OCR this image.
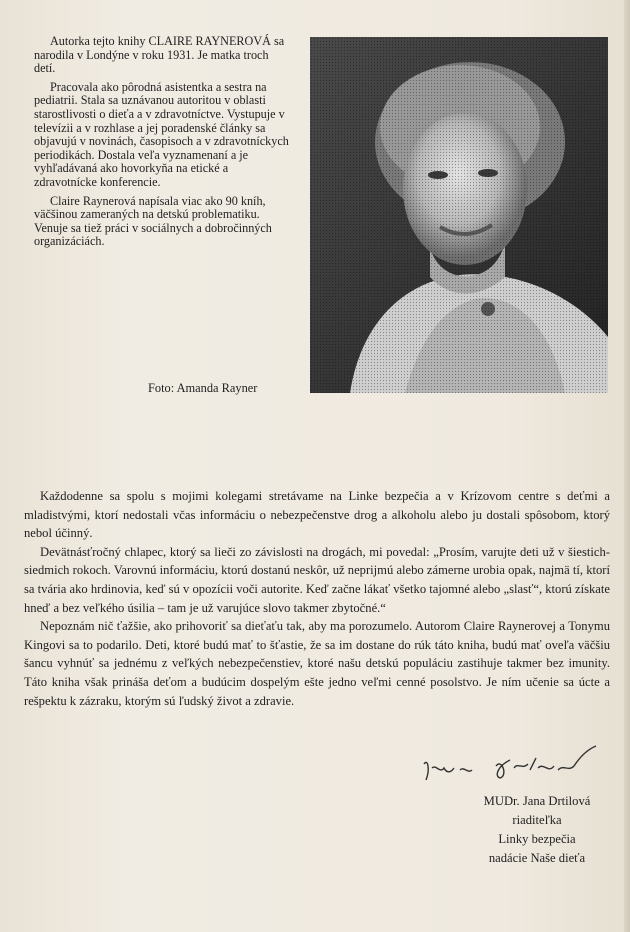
Autorka tejto knihy CLAIRE RAYNEROVÁ sa narodila v Londýne v roku 1931. Je matka troch detí.

Pracovala ako pôrodná asistentka a sestra na pediatrii. Stala sa uznávanou autoritou v oblasti starostlivosti o dieťa a v zdravotníctve. Vystupuje v televízii a v rozhlase a jej poradenské články sa objavujú v novinách, časopisoch a v zdravotníckych periodikách. Dostala veľa vyznamenaní a je vyhľadávaná ako hovorkyňa na etické a zdravotnícke konferencie.

Claire Raynerová napísala viac ako 90 kníh, väčšinou zameraných na detskú problematiku. Venuje sa tiež práci v sociálnych a dobročinných organizáciách.

Foto: Amanda Rayner

Každodenne sa spolu s mojimi kolegami stretávame na Linke bezpečia a v Krízovom centre s deťmi a mladistvými, ktorí nedostali včas informáciu o nebezpečenstve drog a alkoholu alebo ju dostali spôsobom, ktorý nebol účinný.

Devätnásťročný chlapec, ktorý sa lieči zo závislosti na drogách, mi povedal: „Prosím, varujte deti už v šiestich-siedmich rokoch. Varovnú informáciu, ktorú dostanú neskôr, už neprijmú alebo zámerne urobia opak, najmä tí, ktorí sa tvária ako hrdinovia, keď sú v opozícii voči autorite. Keď začne lákať všetko tajomné alebo „slasť“, ktorú získate hneď a bez veľkého úsilia – tam je už varujúce slovo takmer zbytočné.“

Nepoznám nič ťažšie, ako prihovoriť sa dieťaťu tak, aby ma porozumelo. Autorom Claire Raynerovej a Tonymu Kingovi sa to podarilo. Deti, ktoré budú mať to šťastie, že sa im dostane do rúk táto kniha, budú mať oveľa väčšiu šancu vyhnúť sa jednému z veľkých nebezpečenstiev, ktoré našu detskú populáciu zastihuje takmer bez imunity. Táto kniha však prináša deťom a budúcim dospelým ešte jedno veľmi cenné posolstvo. Je ním učenie sa úcte a rešpektu k zázraku, ktorým sú ľudský život a zdravie.

MUDr. Jana Drtilová
riaditeľka
Linky bezpečia
nadácie Naše dieťa
